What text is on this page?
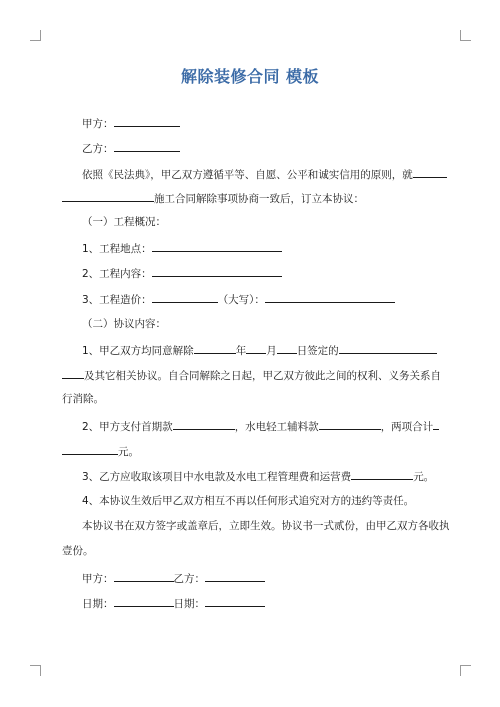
解除装修合同 模板
甲方：
乙方：
依照《民法典》，甲乙双方遵循平等、自愿、公平和诚实信用的原则，就
施工合同解除事项协商一致后，订立本协议：
（一）工程概况：
1、工程地点：
2、工程内容：
3、工程造价：	（大写）：
（二）协议内容：
1、甲乙双方均同意解除	年 月 日签定的
及其它相关协议。自合同解除之日起，甲乙双方彼此之间的权利、义务关系自
行消除。
2、甲方支付首期款	，水电轻工辅料款	，两项合计
元。
3、乙方应收取该项目中水电款及水电工程管理费和运营费	元。
4、本协议生效后甲乙双方相互不再以任何形式追究对方的违约等责任。
本协议书在双方签字或盖章后，立即生效。协议书一式贰份，由甲乙双方各收执
壹份。
甲方：	乙方：
日期：	日期：
